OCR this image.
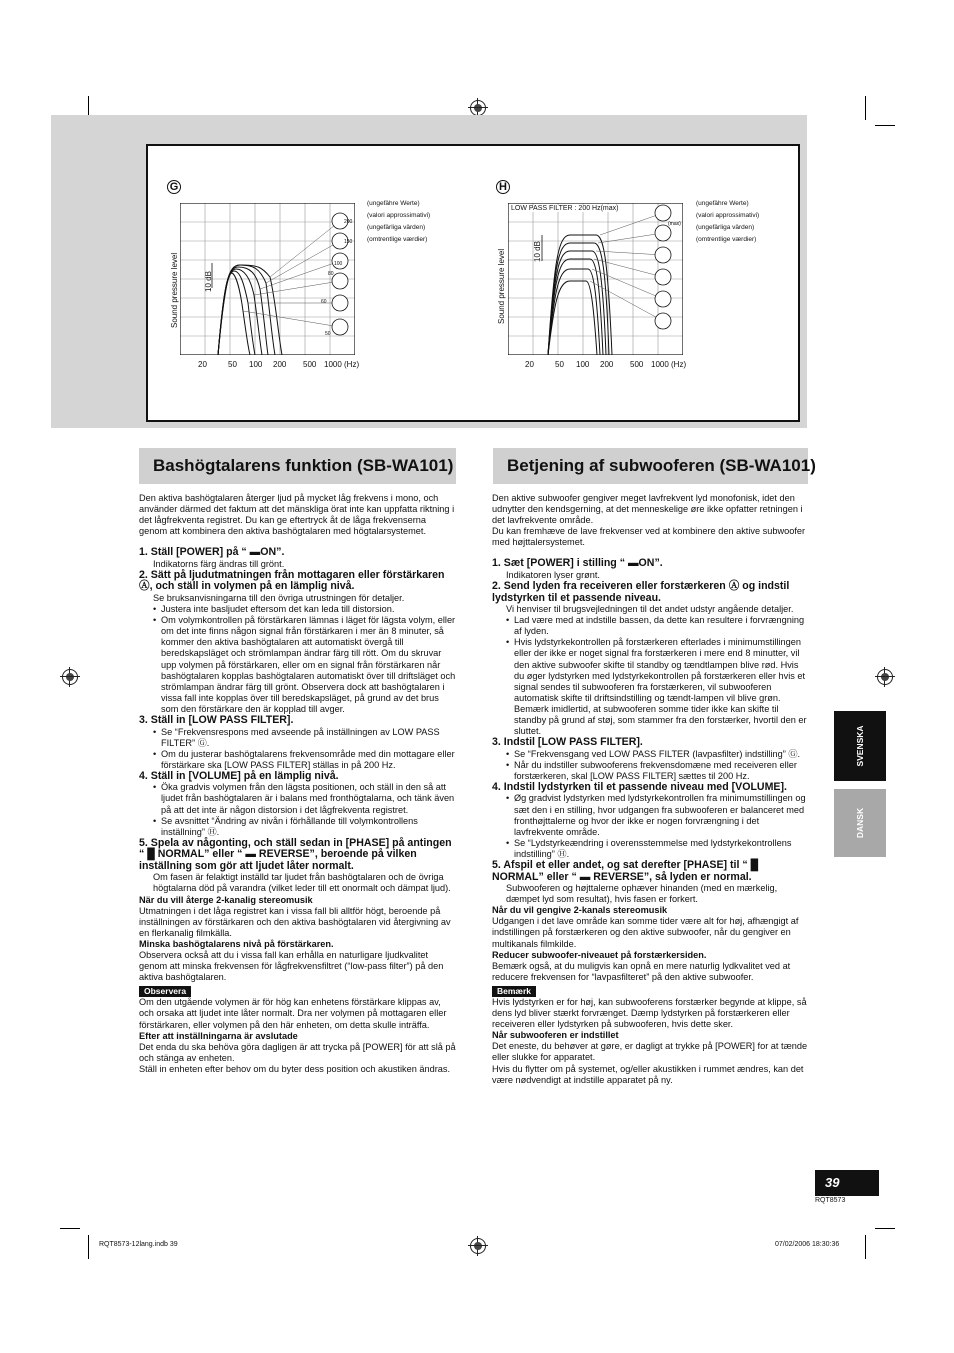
G
Sound pressure level	10 dB
200
150
100
80
60
50
20	50 100 200 500 1000 (Hz)
(ungefähre Werte)
(valori approssimativi)
(ungefärliga värden)
(omtrentlige værdier)
H
Sound pressure level	10 dB
(max)
LOW PASS FILTER : 200 Hz(max)
20	50 100 200 500 1000 (Hz)
(ungefähre Werte)
(valori approssimativi)
(ungefärliga värden)
(omtrentlige værdier)
Bashögtalarens funktion (SB-WA101)

Den aktiva bashögtalaren återger ljud på mycket låg frekvens i mono, och använder därmed det faktum att det mänskliga örat inte kan uppfatta riktning i det lågfrekventa registret. Du kan ge eftertryck åt de låga frekvenserna genom att kombinera den aktiva bashögtalaren med högtalarsystemet.

1. Ställ [POWER] på “ ▬ON”.

Indikatorns färg ändras till grönt.

2. Sätt på ljudutmatningen från mottagaren eller förstärkaren Ⓐ, och ställ in volymen på en lämplig nivå.

Se bruksanvisningarna till den övriga utrustningen för detaljer.

• Justera inte basljudet eftersom det kan leda till distorsion.

• Om volymkontrollen på förstärkaren lämnas i läget för lägsta volym, eller om det inte finns någon signal från förstärkaren i mer än 8 minuter, så kommer den aktiva bashögtalaren att automatiskt övergå till beredskapsläget och strömlampan ändrar färg till rött. Om du skruvar upp volymen på förstärkaren, eller om en signal från förstärkaren når bashögtalaren kopplas bashögtalaren automatiskt över till driftsläget och strömlampan ändrar färg till grönt. Observera dock att bashögtalaren i vissa fall inte kopplas över till beredskapsläget, på grund av det brus som den förstärkare den är kopplad till avger.

3. Ställ in [LOW PASS FILTER].

• Se “Frekvensrespons med avseende på inställningen av LOW PASS FILTER” Ⓖ.

• Om du justerar bashögtalarens frekvensområde med din mottagare eller förstärkare ska [LOW PASS FILTER] ställas in på 200 Hz.

4. Ställ in [VOLUME] på en lämplig nivå.

• Öka gradvis volymen från den lägsta positionen, och ställ in den så att ljudet från bashögtalaren är i balans med fronthögtalarna, och tänk även på att det inte är någon distorsion i det lågfrekventa registret.

• Se avsnittet “Ändring av nivån i förhållande till volymkontrollens inställning” Ⓗ.

5. Spela av någonting, och ställ sedan in [PHASE] på antingen “ █ NORMAL” eller “ ▬ REVERSE”, beroende på vilken inställning som gör att ljudet låter normalt.

Om fasen är felaktigt inställd tar ljudet från bashögtalaren och de övriga högtalarna död på varandra (vilket leder till ett onormalt och dämpat ljud).

När du vill återge 2-kanalig stereomusik

Utmatningen i det låga registret kan i vissa fall bli alltför högt, beroende på inställningen av förstärkaren och den aktiva bashögtalaren vid återgivning av en flerkanalig filmkälla.

Minska bashögtalarens nivå på förstärkaren.

Observera också att du i vissa fall kan erhålla en naturligare ljudkvalitet genom att minska frekvensen för lågfrekvensfiltret (“low-pass filter”) på den aktiva bashögtalaren.

Observera

Om den utgående volymen är för hög kan enhetens förstärkare klippas av, och orsaka att ljudet inte låter normalt. Dra ner volymen på mottagaren eller förstärkaren, eller volymen på den här enheten, om detta skulle inträffa.

Efter att inställningarna är avslutade

Det enda du ska behöva göra dagligen är att trycka på [POWER] för att slå på och stänga av enheten.

Ställ in enheten efter behov om du byter dess position och akustiken ändras.

Betjening af subwooferen (SB-WA101)

Den aktive subwoofer gengiver meget lavfrekvent lyd monofonisk, idet den udnytter den kendsgerning, at det menneskelige øre ikke opfatter retningen i det lavfrekvente område.

Du kan fremhæve de lave frekvenser ved at kombinere den aktive subwoofer med højttalersystemet.

1. Sæt [POWER] i stilling “ ▬ON”.

Indikatoren lyser grønt.

2. Send lyden fra receiveren eller forstærkeren Ⓐ og indstil lydstyrken til et passende niveau.

Vi henviser til brugsvejledningen til det andet udstyr angående detaljer.

• Lad være med at indstille bassen, da dette kan resultere i forvrængning af lyden.

• Hvis lydstyrkekontrollen på forstærkeren efterlades i minimumstillingen eller der ikke er noget signal fra forstærkeren i mere end 8 minutter, vil den aktive subwoofer skifte til standby og tændtlampen blive rød. Hvis du øger lydstyrken med lydstyrkekontrollen på forstærkeren eller hvis et signal sendes til subwooferen fra forstærkeren, vil subwooferen automatisk skifte til driftsindstilling og tændt-lampen vil blive grøn.

Bemærk imidlertid, at subwooferen somme tider ikke kan skifte til standby på grund af støj, som stammer fra den forstærker, hvortil den er sluttet.

3. Indstil [LOW PASS FILTER].

• Se “Frekvensgang ved LOW PASS FILTER (lavpasfilter) indstilling” Ⓖ.

• Når du indstiller subwooferens frekvensdomæne med receiveren eller forstærkeren, skal [LOW PASS FILTER] sættes til 200 Hz.

4. Indstil lydstyrken til et passende niveau med [VOLUME].

• Øg gradvist lydstyrken med lydstyrkekontrollen fra minimumstillingen og sæt den i en stilling, hvor udgangen fra subwooferen er balanceret med fronthøjttalerne og hvor der ikke er nogen forvrængning i det lavfrekvente område.

• Se “Lydstyrkeændring i overensstemmelse med lydstyrkekontrollens indstilling” Ⓗ.

5. Afspil et eller andet, og sat derefter [PHASE] til “ █ NORMAL” eller “ ▬ REVERSE”, så lyden er normal.

Subwooferen og højttalerne ophæver hinanden (med en mærkelig, dæmpet lyd som resultat), hvis fasen er forkert.

Når du vil gengive 2-kanals stereomusik

Udgangen i det lave område kan somme tider være alt for høj, afhængigt af indstillingen på forstærkeren og den aktive subwoofer, når du gengiver en multikanals filmkilde.

Reducer subwoofer-niveauet på forstærkersiden.

Bemærk også, at du muligvis kan opnå en mere naturlig lydkvalitet ved at reducere frekvensen for “lavpasfilteret” på den aktive subwoofer.

Bemærk

Hvis lydstyrken er for høj, kan subwooferens forstærker begynde at klippe, så dens lyd bliver stærkt forvrænget. Dæmp lydstyrken på forstærkeren eller receiveren eller lydstyrken på subwooferen, hvis dette sker.

Når subwooferen er indstillet

Det eneste, du behøver at gøre, er dagligt at trykke på [POWER] for at tænde eller slukke for apparatet.

Hvis du flytter om på systemet, og/eller akustikken i rummet ændres, kan det være nødvendigt at indstille apparatet på ny.

SVENSKA
DANSK
39
RQT8573
RQT8573-12lang.indb 39	07/02/2006 18:30:36
